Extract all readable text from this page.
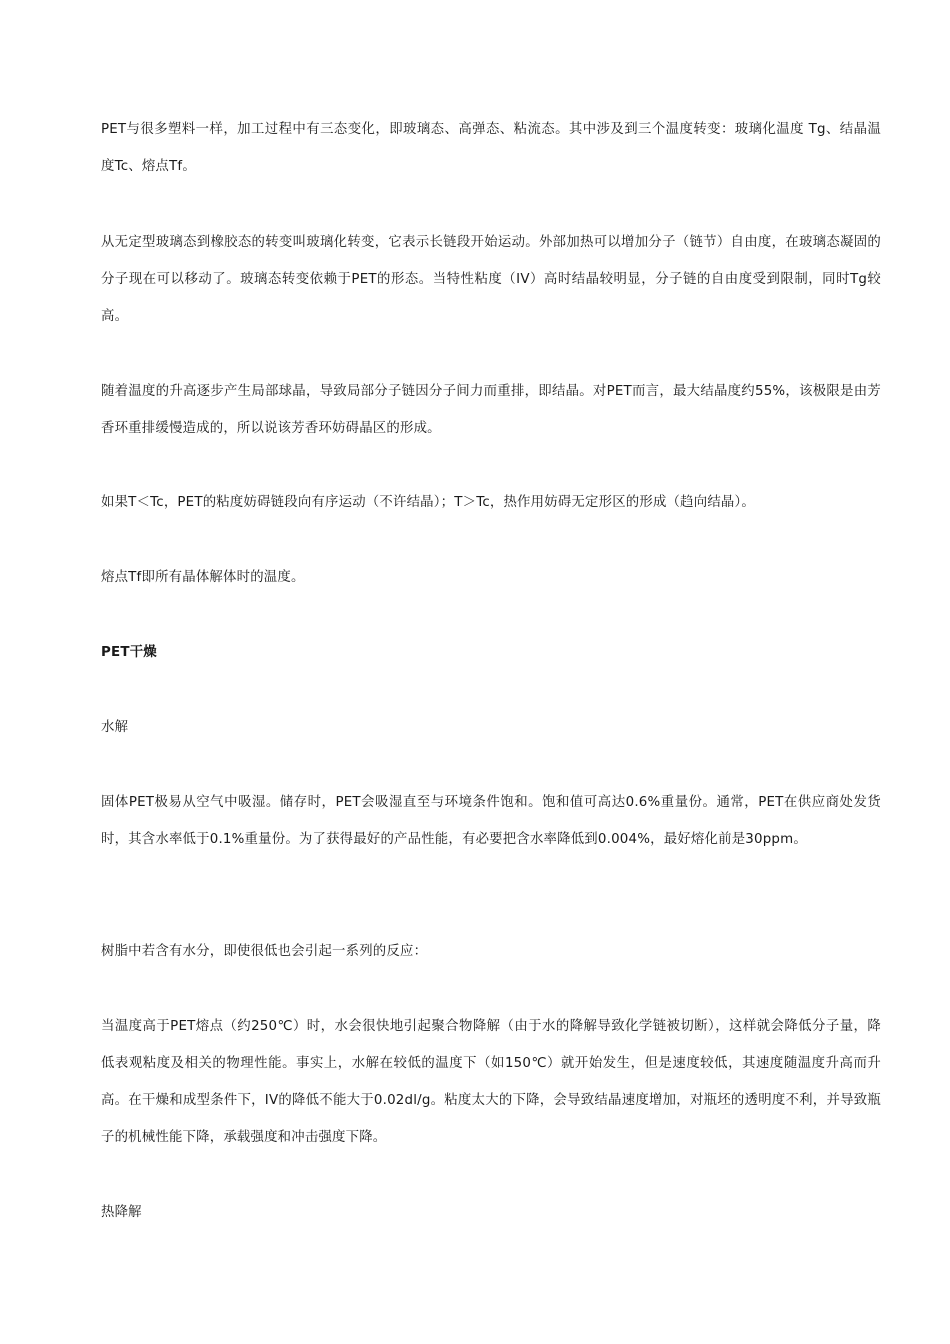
PET与很多塑料一样，加工过程中有三态变化，即玻璃态、高弹态、粘流态。其中涉及到三个温度转变：玻璃化温度 Tg、结晶温度Tc、熔点Tf。

从无定型玻璃态到橡胶态的转变叫玻璃化转变，它表示长链段开始运动。外部加热可以增加分子（链节）自由度，在玻璃态凝固的分子现在可以移动了。玻璃态转变依赖于PET的形态。当特性粘度（IV）高时结晶较明显，分子链的自由度受到限制，同时Tg较高。

随着温度的升高逐步产生局部球晶，导致局部分子链因分子间力而重排，即结晶。对PET而言，最大结晶度约55%，该极限是由芳香环重排缓慢造成的，所以说该芳香环妨碍晶区的形成。

如果T＜Tc，PET的粘度妨碍链段向有序运动（不许结晶）；T＞Tc，热作用妨碍无定形区的形成（趋向结晶）。

熔点Tf即所有晶体解体时的温度。

PET干燥

水解

固体PET极易从空气中吸湿。储存时，PET会吸湿直至与环境条件饱和。饱和值可高达0.6%重量份。通常，PET在供应商处发货时，其含水率低于0.1%重量份。为了获得最好的产品性能，有必要把含水率降低到0.004%，最好熔化前是30ppm。

树脂中若含有水分，即使很低也会引起一系列的反应：

当温度高于PET熔点（约250℃）时，水会很快地引起聚合物降解（由于水的降解导致化学链被切断），这样就会降低分子量，降低表观粘度及相关的物理性能。事实上，水解在较低的温度下（如150℃）就开始发生，但是速度较低，其速度随温度升高而升高。在干燥和成型条件下，IV的降低不能大于0.02dl/g。粘度太大的下降，会导致结晶速度增加，对瓶坯的透明度不利，并导致瓶子的机械性能下降，承载强度和冲击强度下降。

热降解
